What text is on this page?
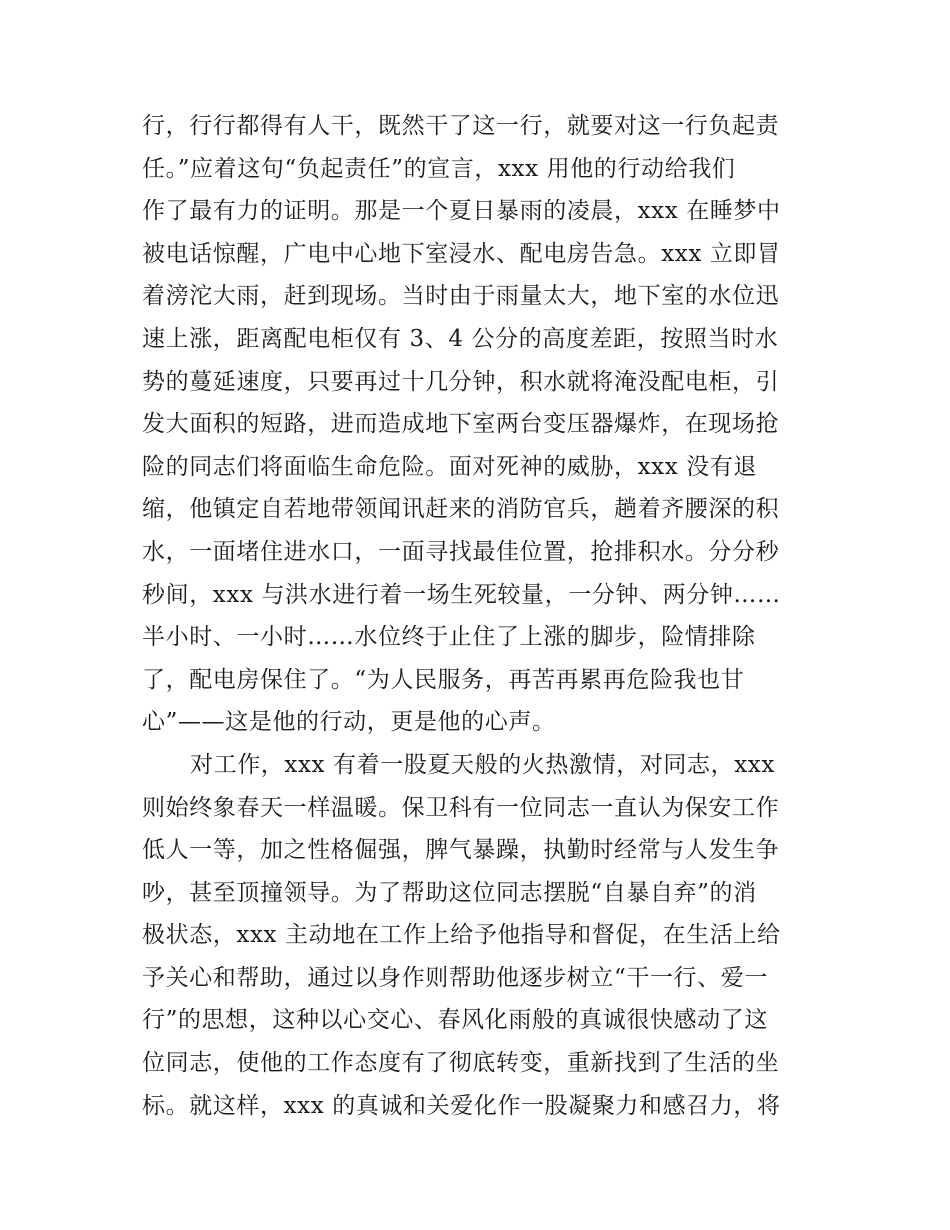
行，行行都得有人干，既然干了这一行，就要对这一行负起责
任。”应着这句“负起责任”的宣言，xxx 用他的行动给我们
作了最有力的证明。那是一个夏日暴雨的凌晨，xxx 在睡梦中
被电话惊醒，广电中心地下室浸水、配电房告急。xxx 立即冒
着滂沱大雨，赶到现场。当时由于雨量太大，地下室的水位迅
速上涨，距离配电柜仅有 3、4 公分的高度差距，按照当时水
势的蔓延速度，只要再过十几分钟，积水就将淹没配电柜，引
发大面积的短路，进而造成地下室两台变压器爆炸，在现场抢
险的同志们将面临生命危险。面对死神的威胁，xxx 没有退
缩，他镇定自若地带领闻讯赶来的消防官兵，趟着齐腰深的积
水，一面堵住进水口，一面寻找最佳位置，抢排积水。分分秒
秒间，xxx 与洪水进行着一场生死较量，一分钟、两分钟……
半小时、一小时……水位终于止住了上涨的脚步，险情排除
了，配电房保住了。“为人民服务，再苦再累再危险我也甘
心”——这是他的行动，更是他的心声。
对工作，xxx 有着一股夏天般的火热激情，对同志，xxx
则始终象春天一样温暖。保卫科有一位同志一直认为保安工作
低人一等，加之性格倔强，脾气暴躁，执勤时经常与人发生争
吵，甚至顶撞领导。为了帮助这位同志摆脱“自暴自弃”的消
极状态，xxx 主动地在工作上给予他指导和督促，在生活上给
予关心和帮助，通过以身作则帮助他逐步树立“干一行、爱一
行”的思想，这种以心交心、春风化雨般的真诚很快感动了这
位同志，使他的工作态度有了彻底转变，重新找到了生活的坐
标。就这样，xxx 的真诚和关爱化作一股凝聚力和感召力，将
